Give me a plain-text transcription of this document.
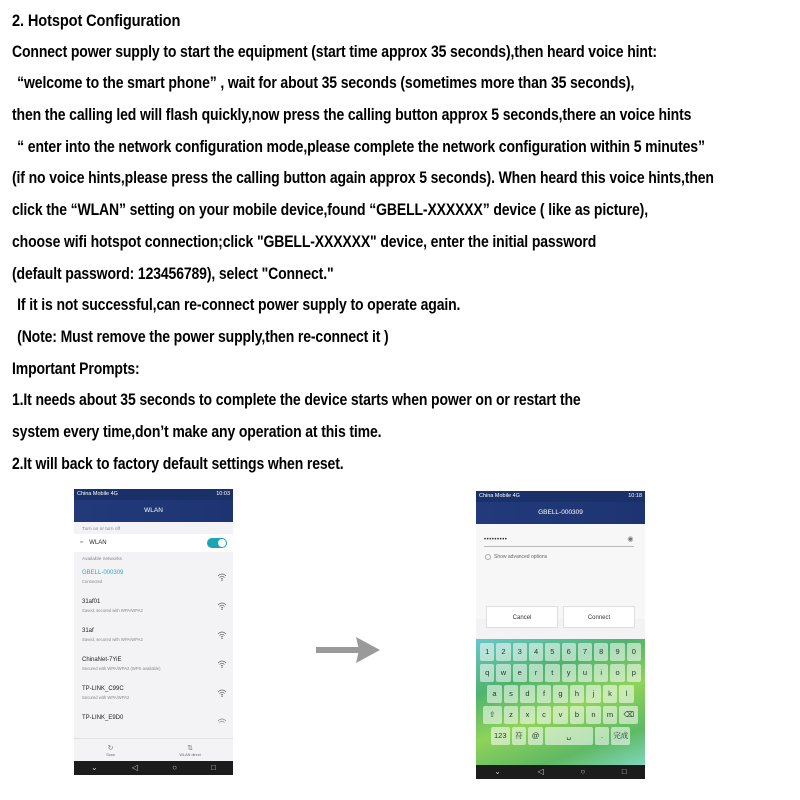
2. Hotspot Configuration
Connect power supply to start the equipment (start time approx 35 seconds),then heard voice hint:
“welcome to the smart phone” , wait for about 35 seconds (sometimes more than 35 seconds),
then the calling led will flash quickly,now press the calling button approx 5 seconds,there an voice hints
“ enter into the network configuration mode,please complete the network configuration within 5 minutes”
(if no voice hints,please press the calling button again approx 5 seconds). When heard this voice hints,then
click the “WLAN” setting on your mobile device,found “GBELL-XXXXXX” device ( like as picture),
choose wifi hotspot connection;click "GBELL-XXXXXX" device, enter the initial password
(default password: 123456789), select "Connect."
If it is not successful,can re-connect power supply to operate again.
(Note: Must remove the power supply,then re-connect it )
Important Prompts:
1.It needs about 35 seconds to complete the device starts when power on or restart the
system every time,don’t make any operation at this time.
2.It will back to factory default settings when reset.
China Mobile 4G	10:03
WLAN
Turn on or turn off
≈ WLAN
Available networks
GBELL-000309
Connected
31af01
Saved, secured with WPA/WPA2
31af
Saved, secured with WPA/WPA2
ChinaNet-7YiE
Secured with WPA/WPA2 (WPS available)
TP-LINK_C99C
Secured with WPA/WPA2
TP-LINK_E9D0
↻
Scan
⇅
WLAN direct
⌄	◁	○	□
China Mobile 4G	10:18
GBELL-000309
•••••••••	◉
Show advanced options
Cancel	Connect
1	2	3	4	5	6	7	8	9	0
q	w	e	r	t	y	u	i	o	p
a	s	d	f	g	h	j	k	l
⇧	z	x	c	v	b	n	m	⌫
123	符	@	␣	.	完成
⌄	◁	○	□
